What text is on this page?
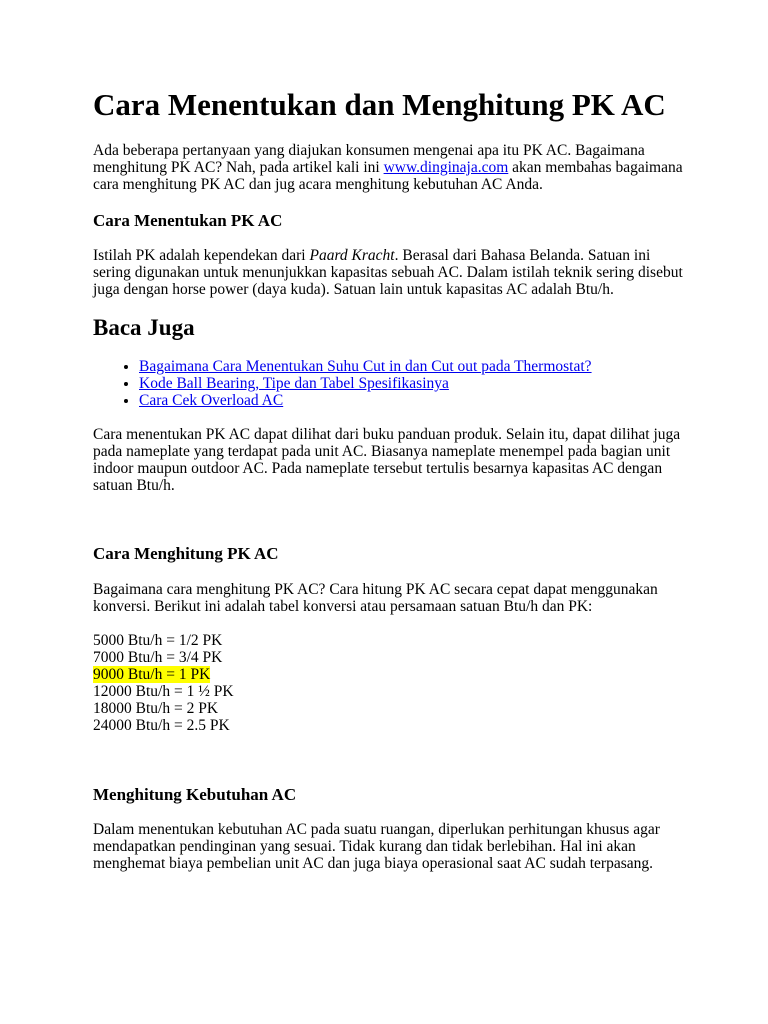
Cara Menentukan dan Menghitung PK AC

Ada beberapa pertanyaan yang diajukan konsumen mengenai apa itu PK AC. Bagaimana menghitung PK AC? Nah, pada artikel kali ini www.dinginaja.com akan membahas bagaimana cara menghitung PK AC dan jug acara menghitung kebutuhan AC Anda.

Cara Menentukan PK AC

Istilah PK adalah kependekan dari Paard Kracht. Berasal dari Bahasa Belanda. Satuan ini sering digunakan untuk menunjukkan kapasitas sebuah AC. Dalam istilah teknik sering disebut juga dengan horse power (daya kuda). Satuan lain untuk kapasitas AC adalah Btu/h.

Baca Juga
• Bagaimana Cara Menentukan Suhu Cut in dan Cut out pada Thermostat?
• Kode Ball Bearing, Tipe dan Tabel Spesifikasinya
• Cara Cek Overload AC

Cara menentukan PK AC dapat dilihat dari buku panduan produk. Selain itu, dapat dilihat juga pada nameplate yang terdapat pada unit AC. Biasanya nameplate menempel pada bagian unit indoor maupun outdoor AC. Pada nameplate tersebut tertulis besarnya kapasitas AC dengan satuan Btu/h.

Cara Menghitung PK AC

Bagaimana cara menghitung PK AC? Cara hitung PK AC secara cepat dapat menggunakan konversi. Berikut ini adalah tabel konversi atau persamaan satuan Btu/h dan PK:

5000 Btu/h = 1/2 PK
7000 Btu/h = 3/4 PK
9000 Btu/h = 1 PK
12000 Btu/h = 1 ½ PK
18000 Btu/h = 2 PK
24000 Btu/h = 2.5 PK
Menghitung Kebutuhan AC

Dalam menentukan kebutuhan AC pada suatu ruangan, diperlukan perhitungan khusus agar mendapatkan pendinginan yang sesuai. Tidak kurang dan tidak berlebihan. Hal ini akan menghemat biaya pembelian unit AC dan juga biaya operasional saat AC sudah terpasang.
